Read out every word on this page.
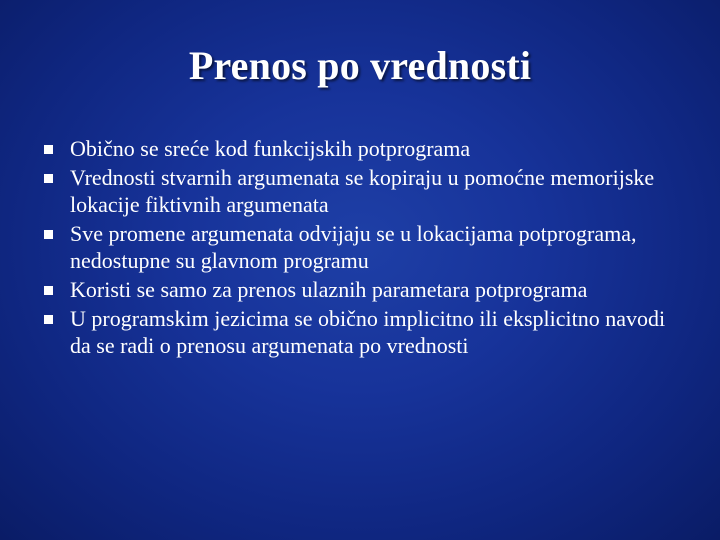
Prenos po vrednosti
Obično se sreće kod funkcijskih potprograma
Vrednosti stvarnih argumenata se kopiraju u pomoćne memorijske lokacije fiktivnih argumenata
Sve promene argumenata odvijaju se u lokacijama potprograma, nedostupne su glavnom programu
Koristi se samo za prenos ulaznih parametara potprograma
U programskim jezicima se obično implicitno ili eksplicitno navodi da se radi o prenosu argumenata po vrednosti
